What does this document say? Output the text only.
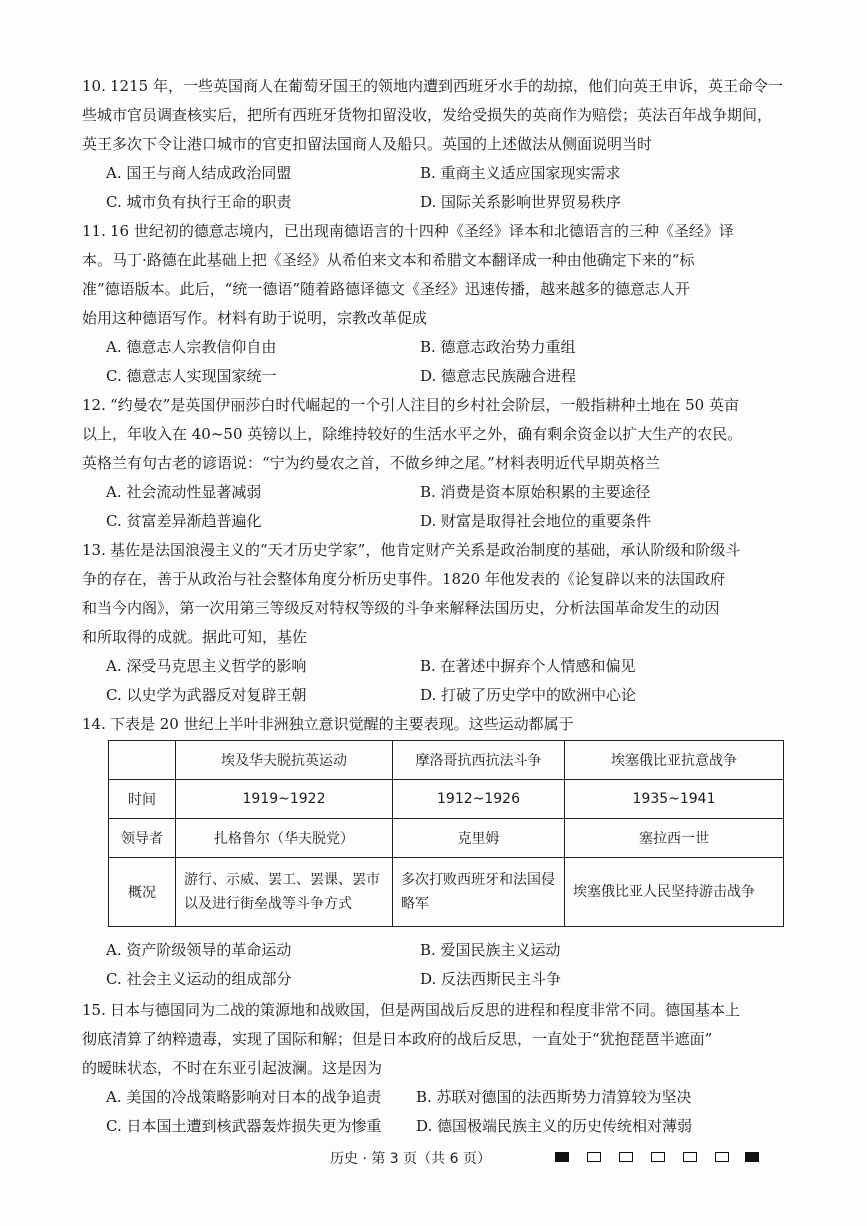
10. 1215 年，一些英国商人在葡萄牙国王的领地内遭到西班牙水手的劫掠，他们向英王申诉，英王命令一

些城市官员调查核实后，把所有西班牙货物扣留没收，发给受损失的英商作为赔偿；英法百年战争期间，

英王多次下令让港口城市的官吏扣留法国商人及船只。英国的上述做法从侧面说明当时

A. 国王与商人结成政治同盟	B. 重商主义适应国家现实需求
C. 城市负有执行王命的职责	D. 国际关系影响世界贸易秩序
11. 16 世纪初的德意志境内，已出现南德语言的十四种《圣经》译本和北德语言的三种《圣经》译

本。马丁·路德在此基础上把《圣经》从希伯来文本和希腊文本翻译成一种由他确定下来的“标

准”德语版本。此后，“统一德语”随着路德译德文《圣经》迅速传播，越来越多的德意志人开

始用这种德语写作。材料有助于说明，宗教改革促成

A. 德意志人宗教信仰自由	B. 德意志政治势力重组
C. 德意志人实现国家统一	D. 德意志民族融合进程
12. “约曼农”是英国伊丽莎白时代崛起的一个引人注目的乡村社会阶层，一般指耕种土地在 50 英亩

以上，年收入在 40~50 英镑以上，除维持较好的生活水平之外，确有剩余资金以扩大生产的农民。

英格兰有句古老的谚语说：“宁为约曼农之首，不做乡绅之尾。”材料表明近代早期英格兰

A. 社会流动性显著减弱	B. 消费是资本原始积累的主要途径
C. 贫富差异渐趋普遍化	D. 财富是取得社会地位的重要条件
13. 基佐是法国浪漫主义的“天才历史学家”，他肯定财产关系是政治制度的基础，承认阶级和阶级斗

争的存在，善于从政治与社会整体角度分析历史事件。1820 年他发表的《论复辟以来的法国政府

和当今内阁》，第一次用第三等级反对特权等级的斗争来解释法国历史，分析法国革命发生的动因

和所取得的成就。据此可知，基佐

A. 深受马克思主义哲学的影响	B. 在著述中摒弃个人情感和偏见
C. 以史学为武器反对复辟王朝	D. 打破了历史学中的欧洲中心论
14. 下表是 20 世纪上半叶非洲独立意识觉醒的主要表现。这些运动都属于

	埃及华夫脱抗英运动	摩洛哥抗西抗法斗争	埃塞俄比亚抗意战争
时间	1919~1922	1912~1926	1935~1941
领导者	扎格鲁尔（华夫脱党）	克里姆	塞拉西一世
概况	游行、示威、罢工、罢课、罢市以及进行街垒战等斗争方式	多次打败西班牙和法国侵略军	埃塞俄比亚人民坚持游击战争
A. 资产阶级领导的革命运动	B. 爱国民族主义运动
C. 社会主义运动的组成部分	D. 反法西斯民主斗争
15. 日本与德国同为二战的策源地和战败国，但是两国战后反思的进程和程度非常不同。德国基本上

彻底清算了纳粹遗毒，实现了国际和解；但是日本政府的战后反思，一直处于“犹抱琵琶半遮面”

的暧昧状态，不时在东亚引起波澜。这是因为

A. 美国的冷战策略影响对日本的战争追责 B. 苏联对德国的法西斯势力清算较为坚决
C. 日本国土遭到核武器轰炸损失更为惨重 D. 德国极端民族主义的历史传统相对薄弱
历史 · 第 3 页（共 6 页）
